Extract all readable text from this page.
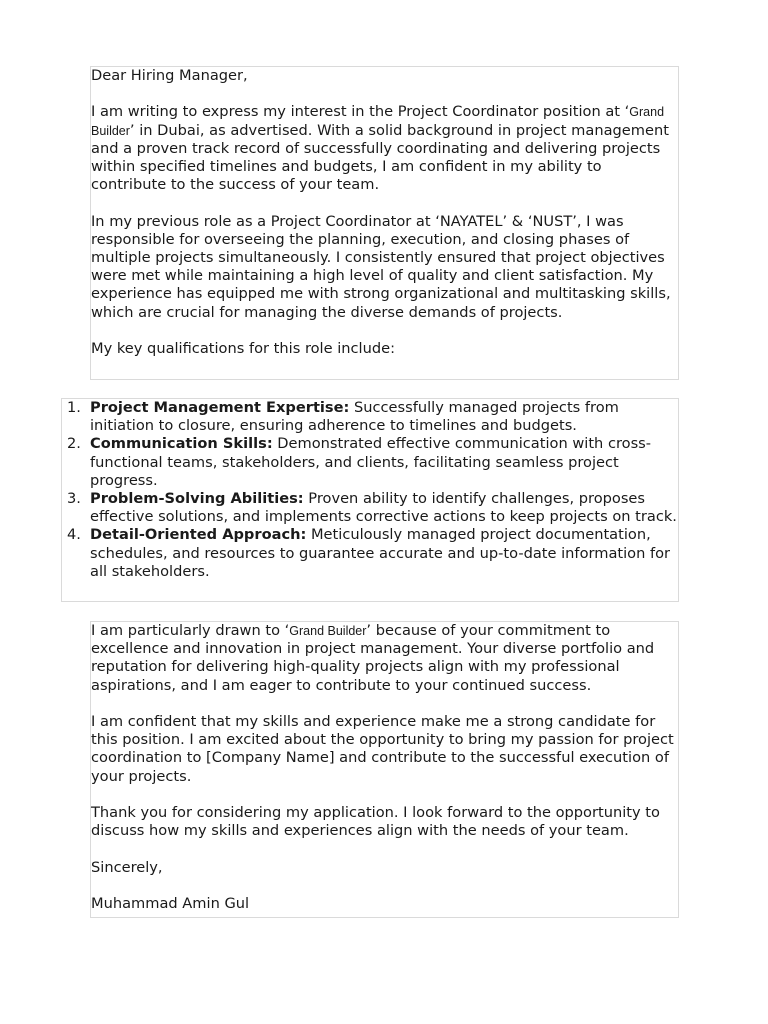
Dear Hiring Manager,

I am writing to express my interest in the Project Coordinator position at ‘Grand Builder’ in Dubai, as advertised. With a solid background in project management and a proven track record of successfully coordinating and delivering projects within specified timelines and budgets, I am confident in my ability to contribute to the success of your team.

In my previous role as a Project Coordinator at ‘NAYATEL’ & ‘NUST’, I was responsible for overseeing the planning, execution, and closing phases of multiple projects simultaneously. I consistently ensured that project objectives were met while maintaining a high level of quality and client satisfaction. My experience has equipped me with strong organizational and multitasking skills, which are crucial for managing the diverse demands of projects.

My key qualifications for this role include:

1. Project Management Expertise: Successfully managed projects from initiation to closure, ensuring adherence to timelines and budgets.
2. Communication Skills: Demonstrated effective communication with cross-functional teams, stakeholders, and clients, facilitating seamless project progress.
3. Problem-Solving Abilities: Proven ability to identify challenges, proposes effective solutions, and implements corrective actions to keep projects on track.
4. Detail-Oriented Approach: Meticulously managed project documentation, schedules, and resources to guarantee accurate and up-to-date information for all stakeholders.

I am particularly drawn to ‘Grand Builder’ because of your commitment to excellence and innovation in project management. Your diverse portfolio and reputation for delivering high-quality projects align with my professional aspirations, and I am eager to contribute to your continued success.

I am confident that my skills and experience make me a strong candidate for this position. I am excited about the opportunity to bring my passion for project coordination to [Company Name] and contribute to the successful execution of your projects.

Thank you for considering my application. I look forward to the opportunity to discuss how my skills and experiences align with the needs of your team.

Sincerely,

Muhammad Amin Gul
